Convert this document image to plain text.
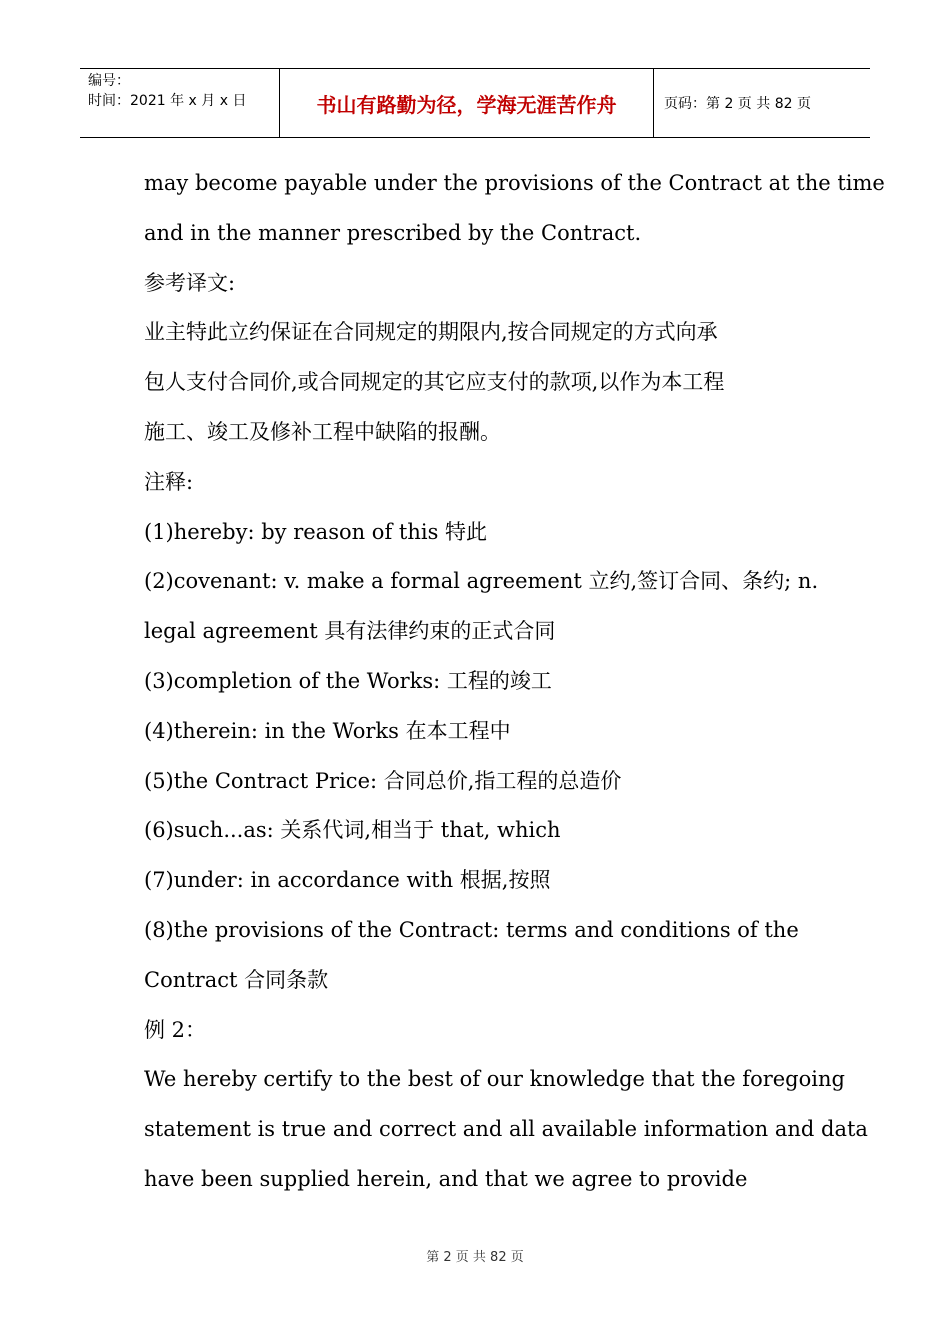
编号：
时间：2021 年 x 月 x 日	书山有路勤为径，学海无涯苦作舟	页码：第 2 页 共 82 页
may become payable under the provisions of the Contract at the time
and in the manner prescribed by the Contract.
参考译文:
业主特此立约保证在合同规定的期限内,按合同规定的方式向承
包人支付合同价,或合同规定的其它应支付的款项,以作为本工程
施工、竣工及修补工程中缺陷的报酬。
注释:
(1)hereby: by reason of this 特此
(2)covenant: v. make a formal agreement 立约,签订合同、条约; n.
legal agreement 具有法律约束的正式合同
(3)completion of the Works: 工程的竣工
(4)therein: in the Works 在本工程中
(5)the Contract Price: 合同总价,指工程的总造价
(6)such...as: 关系代词,相当于 that, which
(7)under: in accordance with 根据,按照
(8)the provisions of the Contract: terms and conditions of the
Contract 合同条款
例 2：
We hereby certify to the best of our knowledge that the foregoing
statement is true and correct and all available information and data
have been supplied herein, and that we agree to provide
第 2 页 共 82 页
